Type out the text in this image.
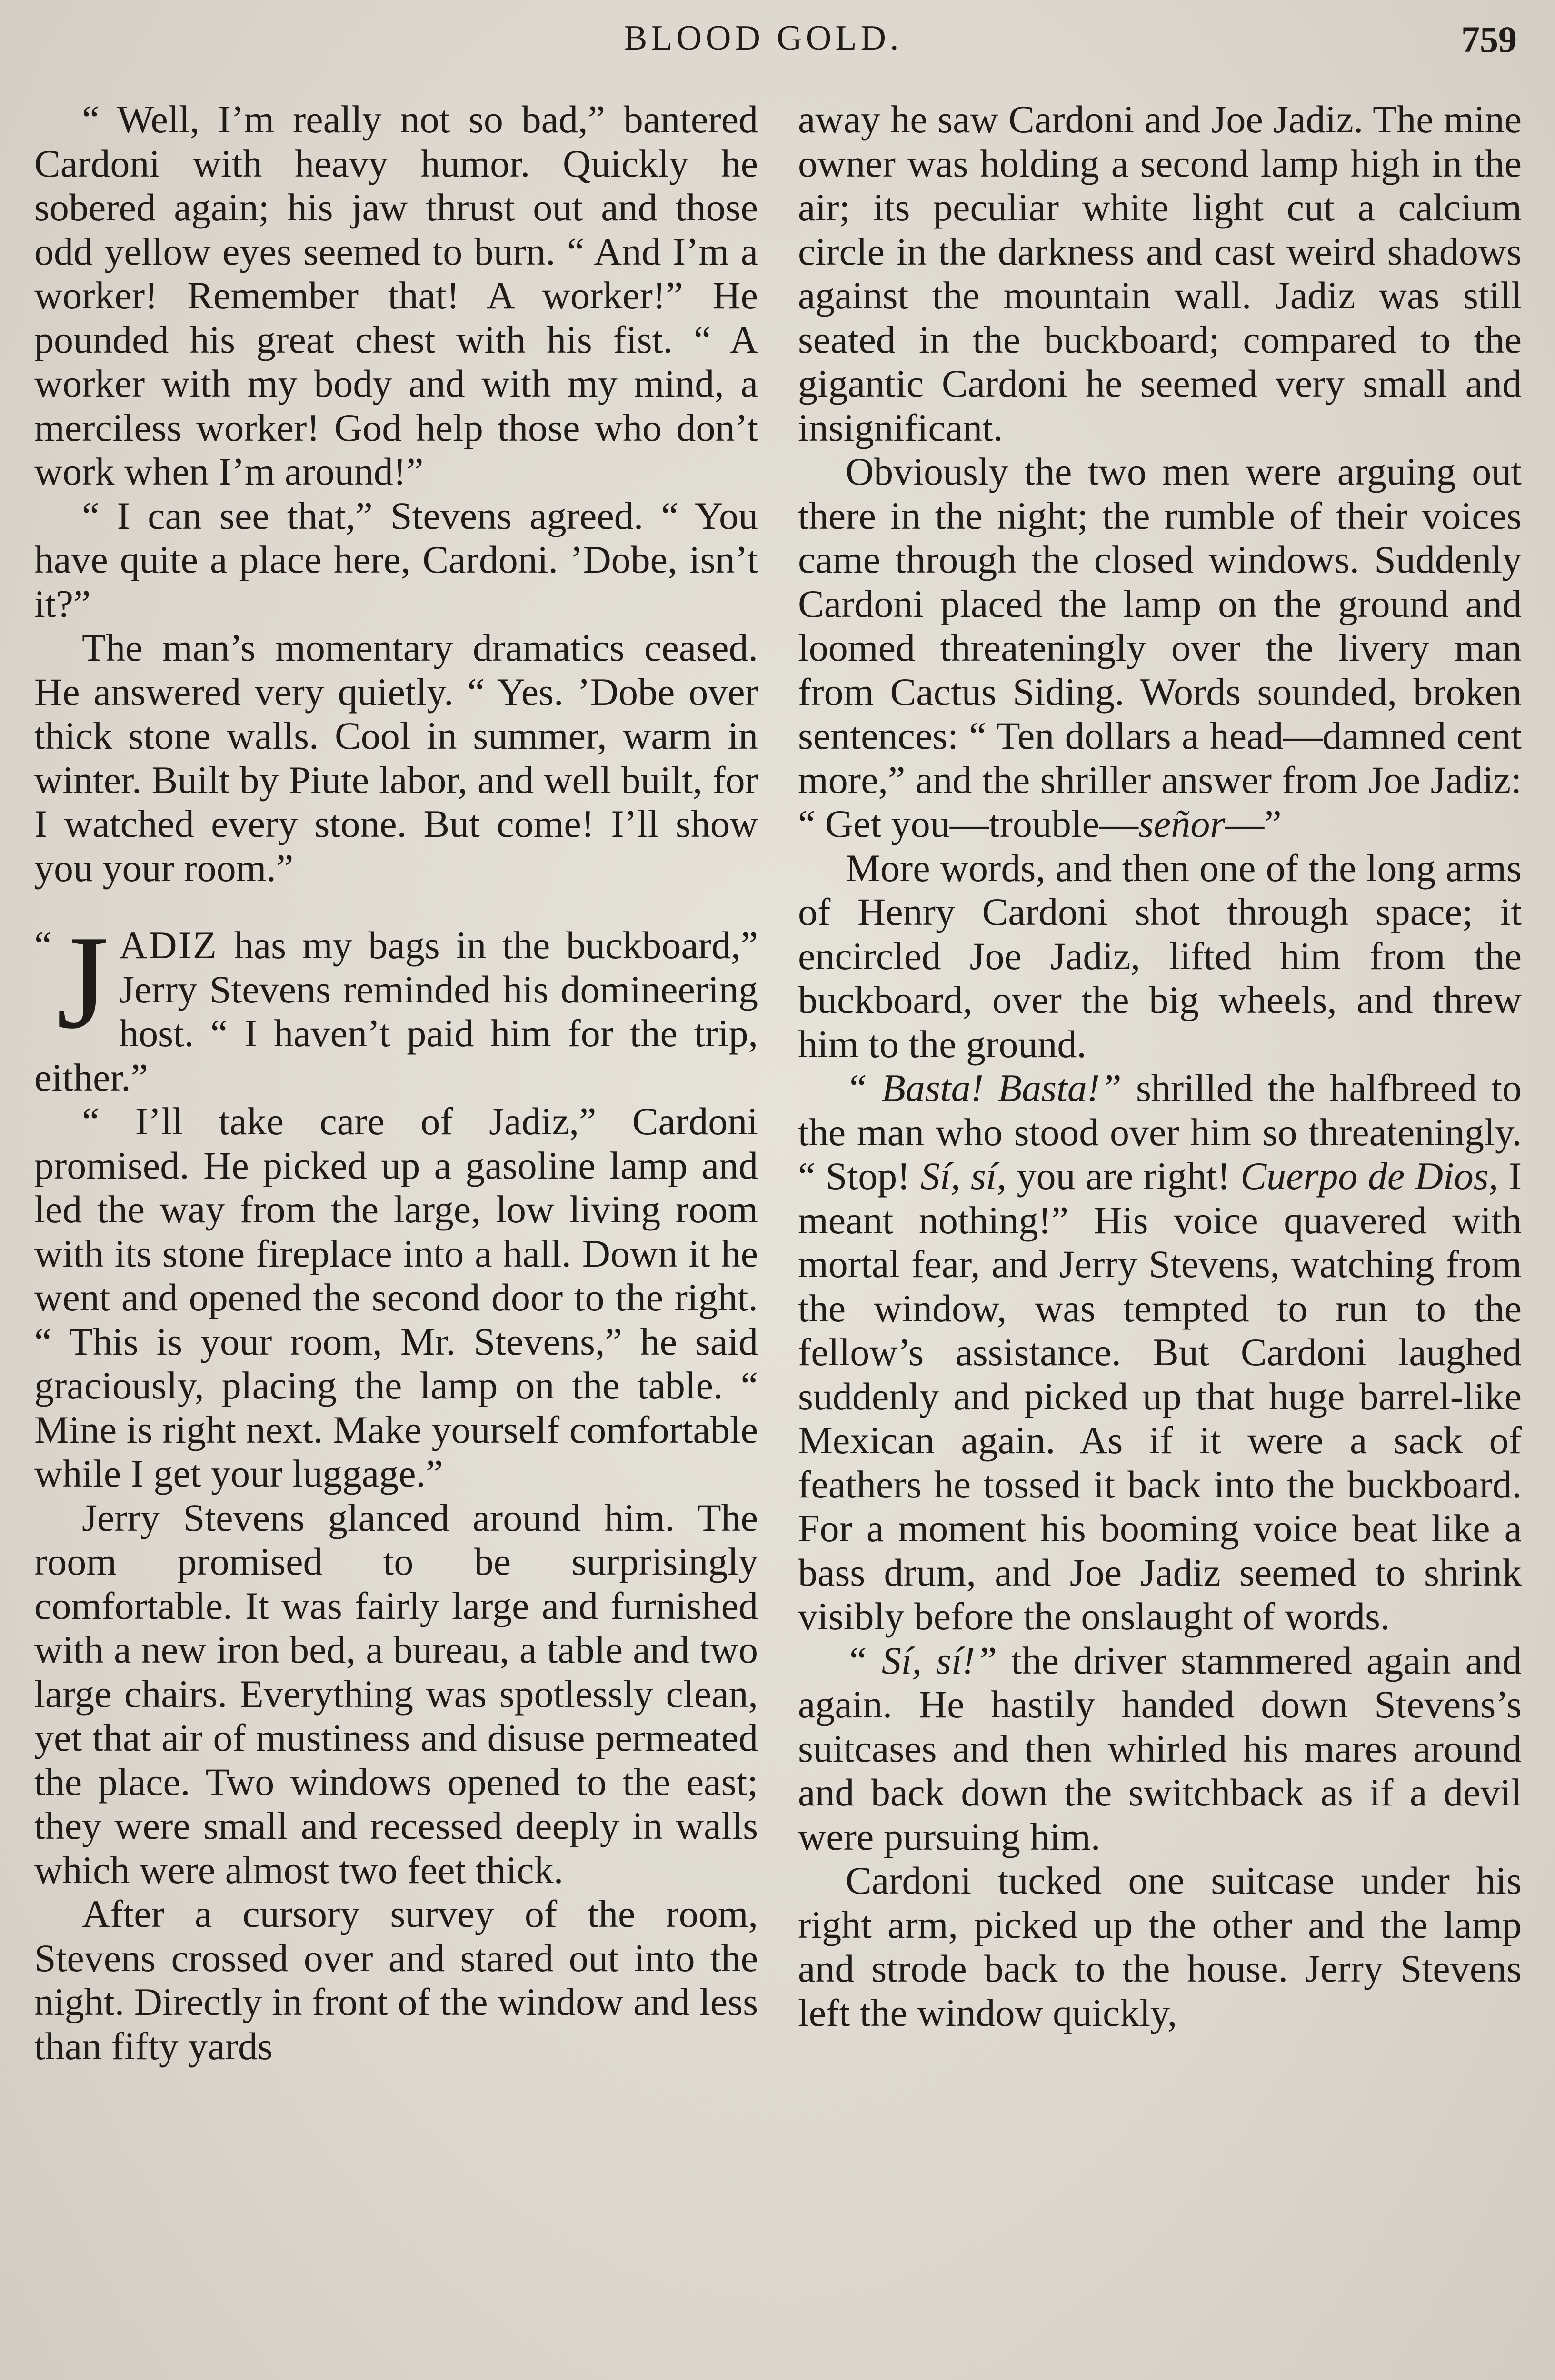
BLOOD GOLD.	759

“ Well, I’m really not so bad,” bantered Cardoni with heavy humor. Quickly he sobered again; his jaw thrust out and those odd yellow eyes seemed to burn. “ And I’m a worker! Remember that! A worker!” He pounded his great chest with his fist. “ A worker with my body and with my mind, a merciless worker! God help those who don’t work when I’m around!”

“ I can see that,” Stevens agreed. “ You have quite a place here, Cardoni. ’Dobe, isn’t it?”

The man’s momentary dramatics ceased. He answered very quietly. “ Yes. ’Dobe over thick stone walls. Cool in summer, warm in winter. Built by Piute labor, and well built, for I watched every stone. But come! I’ll show you your room.”

“ J ADIZ has my bags in the buckboard,” Jerry Stevens reminded his domineering host. “ I haven’t paid him for the trip, either.”

“ I’ll take care of Jadiz,” Cardoni promised. He picked up a gasoline lamp and led the way from the large, low living room with its stone fireplace into a hall. Down it he went and opened the second door to the right. “ This is your room, Mr. Stevens,” he said graciously, placing the lamp on the table. “ Mine is right next. Make yourself comfortable while I get your luggage.”

Jerry Stevens glanced around him. The room promised to be surprisingly comfortable. It was fairly large and furnished with a new iron bed, a bureau, a table and two large chairs. Everything was spotlessly clean, yet that air of mustiness and disuse permeated the place. Two windows opened to the east; they were small and recessed deeply in walls which were almost two feet thick.

After a cursory survey of the room, Stevens crossed over and stared out into the night. Directly in front of the window and less than fifty yards

away he saw Cardoni and Joe Jadiz. The mine owner was holding a second lamp high in the air; its peculiar white light cut a calcium circle in the darkness and cast weird shadows against the mountain wall. Jadiz was still seated in the buckboard; compared to the gigantic Cardoni he seemed very small and insignificant.

Obviously the two men were arguing out there in the night; the rumble of their voices came through the closed windows. Suddenly Cardoni placed the lamp on the ground and loomed threateningly over the livery man from Cactus Siding. Words sounded, broken sentences: “ Ten dollars a head—damned cent more,” and the shriller answer from Joe Jadiz: “ Get you—trouble—señor—”

More words, and then one of the long arms of Henry Cardoni shot through space; it encircled Joe Jadiz, lifted him from the buckboard, over the big wheels, and threw him to the ground.

“ Basta! Basta!” shrilled the halfbreed to the man who stood over him so threateningly. “ Stop! Sí, sí, you are right! Cuerpo de Dios, I meant nothing!” His voice quavered with mortal fear, and Jerry Stevens, watching from the window, was tempted to run to the fellow’s assistance. But Cardoni laughed suddenly and picked up that huge barrel-like Mexican again. As if it were a sack of feathers he tossed it back into the buckboard. For a moment his booming voice beat like a bass drum, and Joe Jadiz seemed to shrink visibly before the onslaught of words.

“ Sí, sí!” the driver stammered again and again. He hastily handed down Stevens’s suitcases and then whirled his mares around and back down the switchback as if a devil were pursuing him.

Cardoni tucked one suitcase under his right arm, picked up the other and the lamp and strode back to the house. Jerry Stevens left the window quickly,
